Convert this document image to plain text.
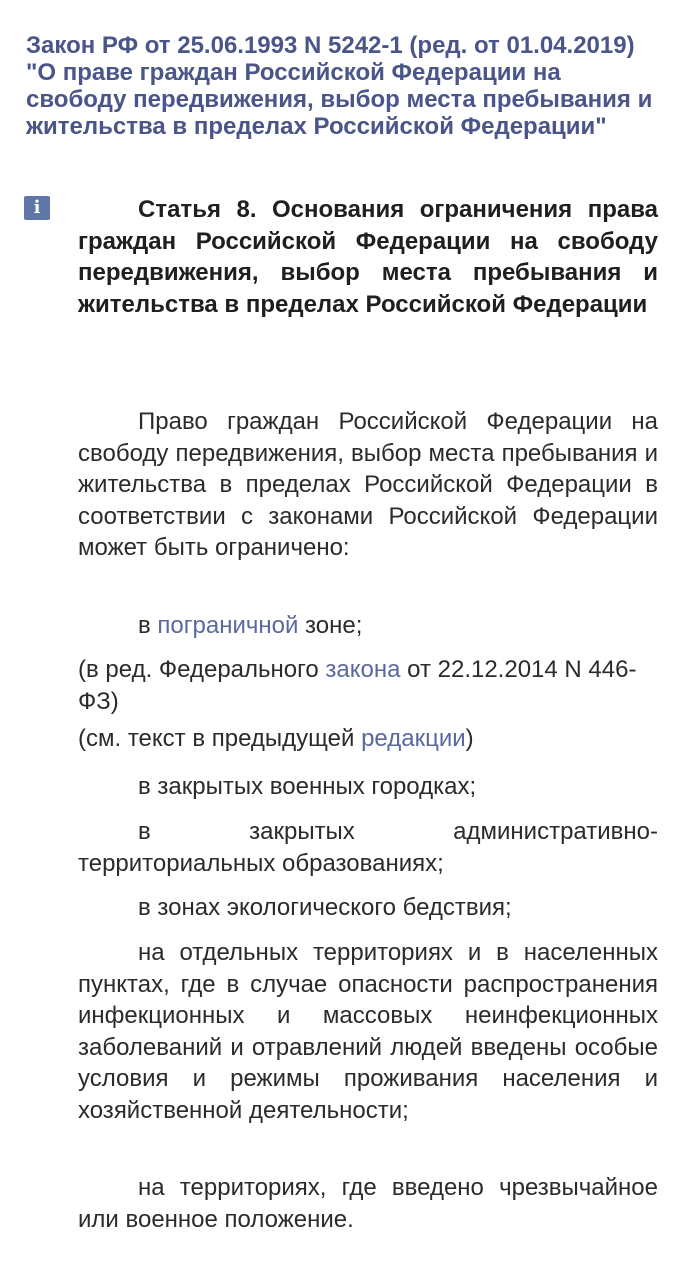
Закон РФ от 25.06.1993 N 5242-1 (ред. от 01.04.2019) "О праве граждан Российской Федерации на свободу передвижения, выбор места пребывания и жительства в пределах Российской Федерации"
i	Статья 8. Основания ограничения права граждан Российской Федерации на свободу передвижения, выбор места пребывания и жительства в пределах Российской Федерации
Право граждан Российской Федерации на свободу передвижения, выбор места пребывания и жительства в пределах Российской Федерации в соответствии с законами Российской Федерации может быть ограничено:
в пограничной зоне;
(в ред. Федерального закона от 22.12.2014 N 446-ФЗ)
(см. текст в предыдущей редакции)
в закрытых военных городках;
в закрытых административно-территориальных образованиях;
в зонах экологического бедствия;
на отдельных территориях и в населенных пунктах, где в случае опасности распространения инфекционных и массовых неинфекционных заболеваний и отравлений людей введены особые условия и режимы проживания населения и хозяйственной деятельности;
на территориях, где введено чрезвычайное или военное положение.
